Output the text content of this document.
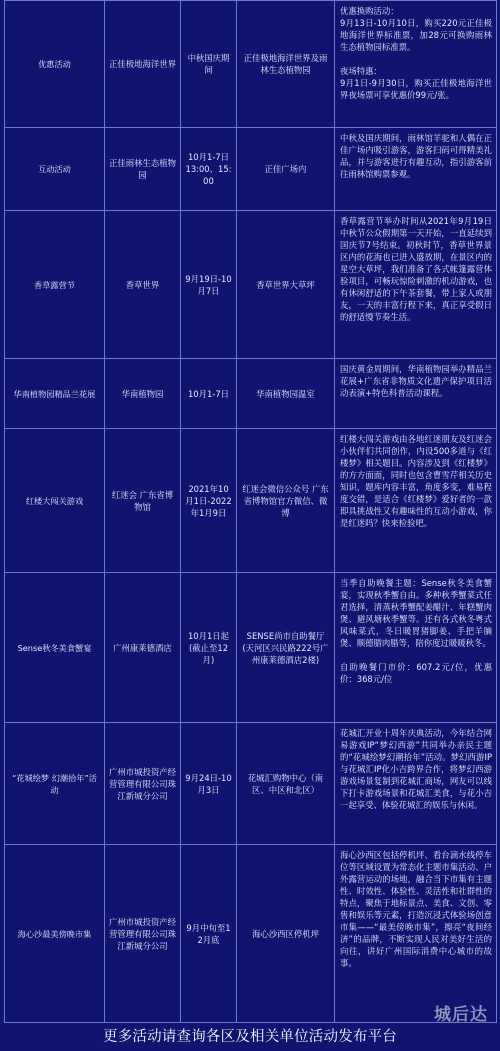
优惠活动	正佳极地海洋世界	中秋国庆期间	正佳极地海洋世界及雨林生态植物园	优惠换购活动：

9月13日-10月10日，购买220元正佳极地海洋世界标准票，加28元可换购雨林生态植物园标准票。

夜场特惠：

9月1日-9月30日，购买正佳极地海洋世界夜场票可享优惠价99元/张。

互动活动	正佳雨林生态植物园	10月1-7日 13:00、15:00	正佳广场内	中秋及国庆期间，雨林馆羊驼和人偶在正佳广场内吸引游客，游客扫码可得精美礼品，并与游客进行有趣互动，指引游客前往雨林馆购票参观。

香草露营节	香草世界	9月19日-10月7日	香草世界大草坪	香草露营节举办时间从2021年9月19日中秋节公众假期第一天开始，一直延续到国庆节7号结束。初秋时节，香草世界景区内的花海也已进入盛放期，在景区内的星空大草坪，我们准备了各式帐篷露营体验项目，可畅玩惊险刺激的机动游戏，也有休闲舒适的下午茶套餐，带上家人或朋友，一天的丰富行程下来，真正享受假日的舒适慢节奏生活。

华南植物园精品兰花展	华南植物园	10月1-7日	华南植物园温室	国庆黄金周期间，华南植物园举办精品兰花展+广东省非物质文化遗产保护项目活动表演+特色科普活动课程。

红楼大闯关游戏	红迷会 广东省博物馆	2021年10月1日-2022年1月9日	红迷会微信公众号 广东省博物馆官方微信、微博	红楼大闯关游戏由各地红迷朋友及红迷会小伙伴们共同创作，内设500多道与《红楼梦》相关题目。内容涉及到《红楼梦》的方方面面，同时也包含曹雪芹相关历史知识，题库内容丰富，角度多变，难易程度交错，是适合《红楼梦》爱好者的一款即具挑战性又有趣味性的互动小游戏，你是红迷吗？快来检验吧。

Sense秋冬美食蟹宴	广州康莱德酒店	10月1日起(截止至12月)	SENSE尚市自助餐厅(天河区兴民路222号广州康莱德酒店2楼)	当季自助晚餐主题：Sense秋冬美食蟹宴，实现秋季蟹自由。多种秋季蟹菜式任君选择，清蒸秋季蟹配姜醋汁、年糕蟹肉煲、避风塘秋季蟹等。还有各式秋冬粤式风味菜式，冬日暖胃猪脚姜、手把羊腩煲、顺德腊肉腊等，陪你度过暖暖秋冬。

自助晚餐门市价：607.2元/位，优惠价：368元/位

“花城绘梦 幻潮拾年”活动	广州市城投资产经营管理有限公司珠江新城分公司	9月24日-10月3日	花城汇购物中心（南区、中区和北区）	花城汇开业十周年庆典活动，今年结合网易游戏IP“梦幻西游”共同举办亲民主题的“花城绘梦幻潮拾年”活动。梦幻西游IP与花城汇IP化小吉跨界合作，将梦幻西游游戏场景复制到花城汇商场，网友可以线下打卡游戏场景和花城汇美食，与花小吉一起享受、体验花城汇的娱乐与休闲。

海心沙最美傍晚市集	广州市城投资产经营管理有限公司珠江新城分公司	9月中旬至12月底	海心沙西区停机坪	海心沙西区包括停机坪、看台滴水线停车位等区域设置为常态化主题市集活动、户外露营运动的场地，融合当下市集有主题性、时效性、体验性、灵活性和社群性的特点，聚焦于地标景点、美食、文创、零售和娱乐等元素，打造沉浸式体验场创意市集——“最美傍晚市集”，擦亮“夜间经济”的品牌，不断实现人民对美好生活的向往，讲好广州国际消费中心城市的故事。

更多活动请查询各区及相关单位活动发布平台
城后达
